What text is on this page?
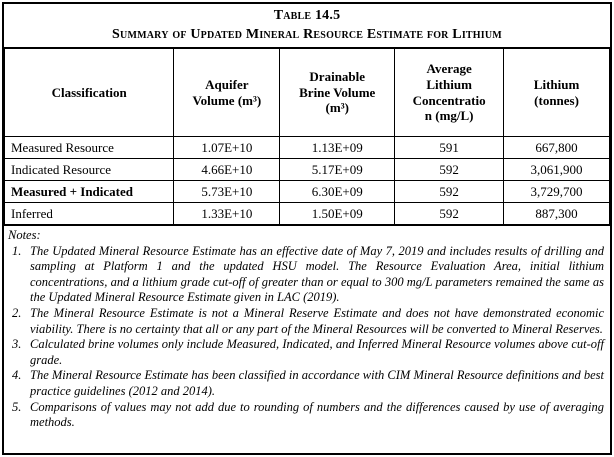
Table 14.5
Summary of Updated Mineral Resource Estimate for Lithium
Classification	Aquifer Volume (m³)	Drainable Brine Volume (m³)	Average Lithium Concentration (mg/L)	Lithium (tonnes)
Measured Resource	1.07E+10	1.13E+09	591	667,800
Indicated Resource	4.66E+10	5.17E+09	592	3,061,900
Measured + Indicated	5.73E+10	6.30E+09	592	3,729,700
Inferred	1.33E+10	1.50E+09	592	887,300
Notes:
1. The Updated Mineral Resource Estimate has an effective date of May 7, 2019 and includes results of drilling and sampling at Platform 1 and the updated HSU model. The Resource Evaluation Area, initial lithium concentrations, and a lithium grade cut-off of greater than or equal to 300 mg/L parameters remained the same as the Updated Mineral Resource Estimate given in LAC (2019).
2. The Mineral Resource Estimate is not a Mineral Reserve Estimate and does not have demonstrated economic viability. There is no certainty that all or any part of the Mineral Resources will be converted to Mineral Reserves.
3. Calculated brine volumes only include Measured, Indicated, and Inferred Mineral Resource volumes above cut-off grade.
4. The Mineral Resource Estimate has been classified in accordance with CIM Mineral Resource definitions and best practice guidelines (2012 and 2014).
5. Comparisons of values may not add due to rounding of numbers and the differences caused by use of averaging methods.
